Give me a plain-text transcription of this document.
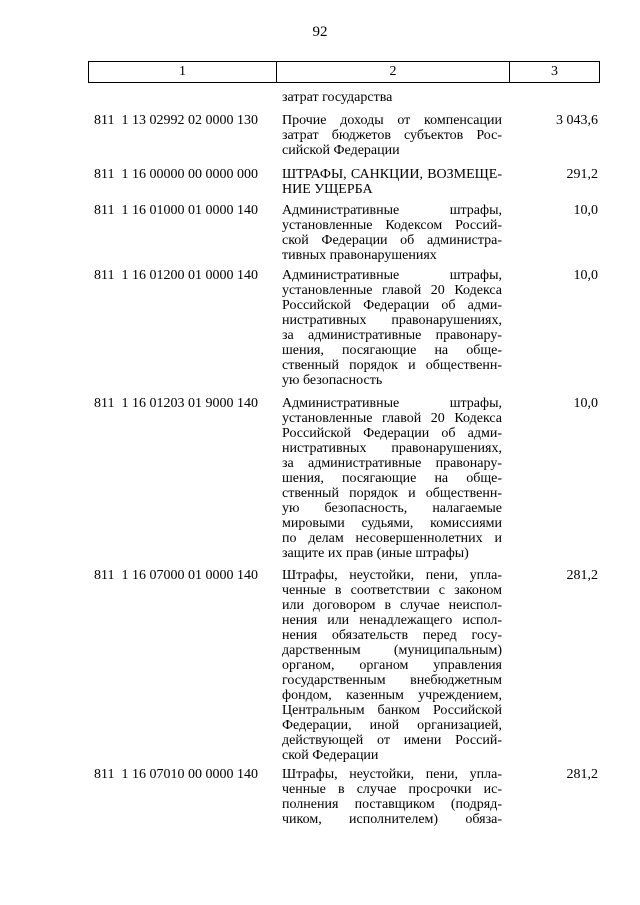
92
1	2	3
затрат государства
811  1 13 02992 02 0000 130 Прочие доходы от компенсации
затрат бюджетов субъектов Рос-
сийской Федерации
3 043,6
811  1 16 00000 00 0000 000 ШТРАФЫ, САНКЦИИ, ВОЗМЕЩЕ-
НИЕ УЩЕРБА
291,2
811  1 16 01000 01 0000 140 Административные         штрафы,
установленные Кодексом Россий-
ской Федерации об администра-
тивных правонарушениях
10,0
811  1 16 01200 01 0000 140 Административные         штрафы,
установленные главой 20 Кодекса
Российской Федерации об адми-
нистративных правонарушениях,
за административные правонару-
шения,  посягающие  на  обще-
ственный порядок и общественн-
ую безопасность
10,0
811  1 16 01203 01 9000 140 Административные         штрафы,
установленные главой 20 Кодекса
Российской Федерации об адми-
нистративных правонарушениях,
за административные правонару-
шения,  посягающие  на  обще-
ственный порядок и общественн-
ую   безопасность,   налагаемые
мировыми судьями, комиссиями
по делам несовершеннолетних и
защите их прав (иные штрафы)
10,0
811  1 16 07000 01 0000 140 Штрафы, неустойки, пени, упла-
ченные в соответствии с законом
или договором в случае неиспол-
нения или ненадлежащего испол-
нения обязательств перед госу-
дарственным       (муниципальным)
органом,  органом  управления
государственным внебюджетным
фондом, казенным учреждением,
Центральным банком Российской
Федерации, иной организацией,
действующей от имени Россий-
ской Федерации
281,2
811  1 16 07010 00 0000 140 Штрафы, неустойки, пени, упла-
ченные в случае просрочки ис-
полнения поставщиком (подряд-
чиком,   исполнителем)   обяза-
281,2
